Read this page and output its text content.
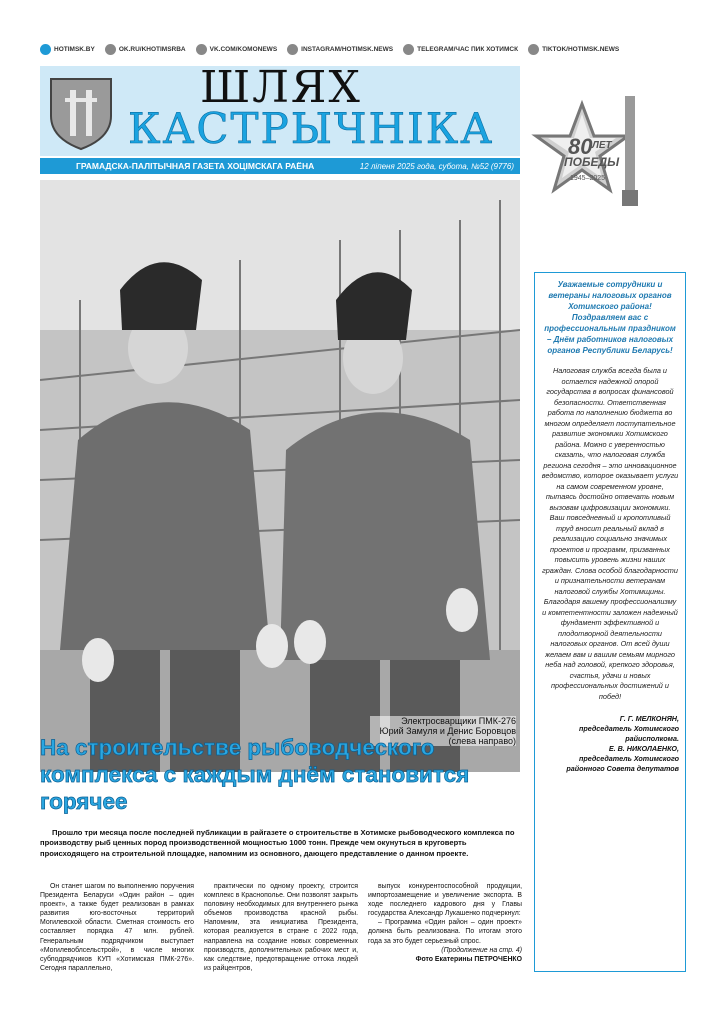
HOTIMSK.BY	OK.RU/KHOTIMSRBA	VK.COM/KOMONEWS	INSTAGRAM/HOTIMSK.NEWS	TELEGRAM/ЧАС ПИК ХОТИМСК	TIKTOK/HOTIMSK.NEWS
ШЛЯХ
КАСТРЫЧНІКА
ГРАМАДСКА-ПАЛІТЫЧНАЯ ГАЗЕТА ХОЦІМСКАГА РАЁНА	12 ліпеня 2025 года, субота, №52 (9776)
80 ЛЕТ
ПОБЕДЫ
1945–2025
Электросварщики ПМК-276
Юрий Замуля и Денис Боровцов
(слева направо)
На строительстве рыбоводческого комплекса с каждым днём становится горячее
Прошло три месяца после последней публикации в райгазете о строительстве в Хотимске рыбоводческого комплекса по производству рыб ценных пород производственной мощностью 1000 тонн. Прежде чем окунуться в круговерть происходящего на строительной площадке, напомним из основного, дающего представление о данном проекте.

Он станет шагом по выполнению поручения Президента Беларуси «Один район – один проект», а также будет реализован в рамках развития юго-восточных территорий Могилевской области. Сметная стоимость его составляет порядка 47 млн. рублей. Генеральным подрядчиком выступает «Могилевоблсельстрой», в числе многих субподрядчиков КУП «Хотимская ПМК-276». Сегодня параллельно,

практически по одному проекту, строится комплекс в Краснополье. Они позволят закрыть половину необходимых для внутреннего рынка объемов производства красной рыбы. Напомним, эта инициатива Президента, которая реализуется в стране с 2022 года, направлена на создание новых современных производств, дополнительных рабочих мест и, как следствие, предотвращение оттока людей из райцентров,

выпуск конкурентоспособной продукции, импортозамещение и увеличение экспорта. В ходе последнего кадрового дня у Главы государства Александр Лукашенко подчеркнул:

– Программа «Один район – один проект» должна быть реализована. По итогам этого года за это будет серьезный спрос.

(Продолжение на стр. 4)

Фото Екатерины ПЕТРОЧЕНКО

Уважаемые сотрудники и ветераны налоговых органов Хотимского района! Поздравляем вас с профессиональным праздником – Днём работников налоговых органов Республики Беларусь!
Налоговая служба всегда была и остается надежной опорой государства в вопросах финансовой безопасности. Ответственная работа по наполнению бюджета во многом определяет поступательное развитие экономики Хотимского района. Можно с уверенностью сказать, что налоговая служба региона сегодня – это инновационное ведомство, которое оказывает услуги на самом современном уровне, пытаясь достойно отвечать новым вызовам цифровизации экономики. Ваш повседневный и кропотливый труд вносит реальный вклад в реализацию социально значимых проектов и программ, призванных повысить уровень жизни наших граждан. Слова особой благодарности и признательности ветеранам налоговой службы Хотимщины. Благодаря вашему профессионализму и компетентности заложен надежный фундамент эффективной и плодотворной деятельности налоговых органов. От всей души желаем вам и вашим семьям мирного неба над головой, крепкого здоровья, счастья, удачи и новых профессиональных достижений и побед!
Г. Г. МЕЛКОНЯН,
председатель Хотимского райисполкома.
Е. В. НИКОЛАЕНКО,
председатель Хотимского районного Совета депутатов
